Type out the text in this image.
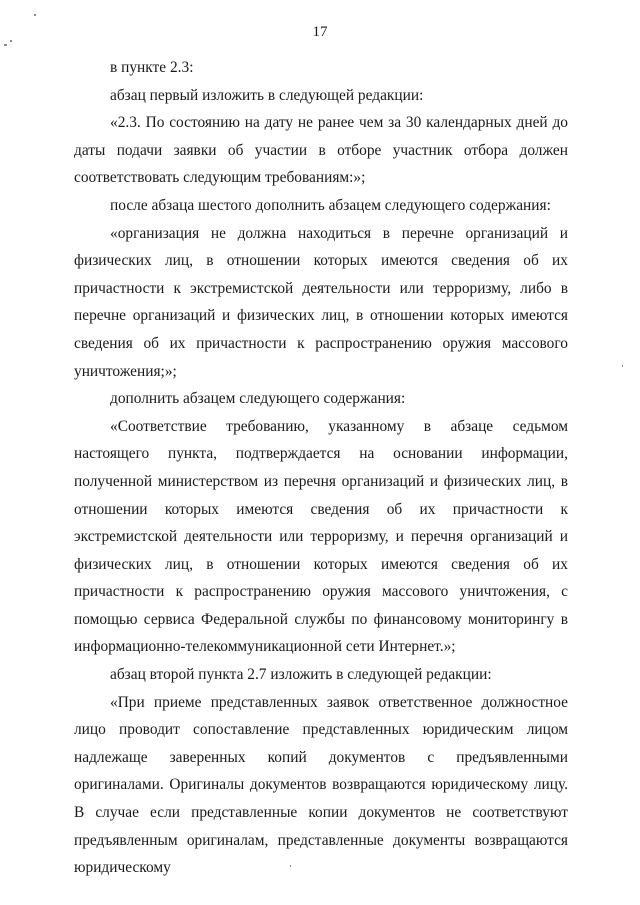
17

в пункте 2.3:

абзац первый изложить в следующей редакции:

«2.3. По состоянию на дату не ранее чем за 30 календарных дней до даты подачи заявки об участии в отборе участник отбора должен соответствовать следующим требованиям:»;

после абзаца шестого дополнить абзацем следующего содержания:

«организация не должна находиться в перечне организаций и физических лиц, в отношении которых имеются сведения об их причастности к экстремистской деятельности или терроризму, либо в перечне организаций и физических лиц, в отношении которых имеются сведения об их причастности к распространению оружия массового уничтожения;»;

дополнить абзацем следующего содержания:

«Соответствие требованию, указанному в абзаце седьмом настоящего пункта, подтверждается на основании информации, полученной министерством из перечня организаций и физических лиц, в отношении которых имеются сведения об их причастности к экстремистской деятельности или терроризму, и перечня организаций и физических лиц, в отношении которых имеются сведения об их причастности к распространению оружия массового уничтожения, с помощью сервиса Федеральной службы по финансовому мониторингу в информационно-телекоммуникационной сети Интернет.»;

абзац второй пункта 2.7 изложить в следующей редакции:

«При приеме представленных заявок ответственное должностное лицо проводит сопоставление представленных юридическим лицом надлежаще заверенных копий документов с предъявленными оригиналами. Оригиналы документов возвращаются юридическому лицу. В случае если представленные копии документов не соответствуют предъявленным оригиналам, представленные документы возвращаются юридическому
